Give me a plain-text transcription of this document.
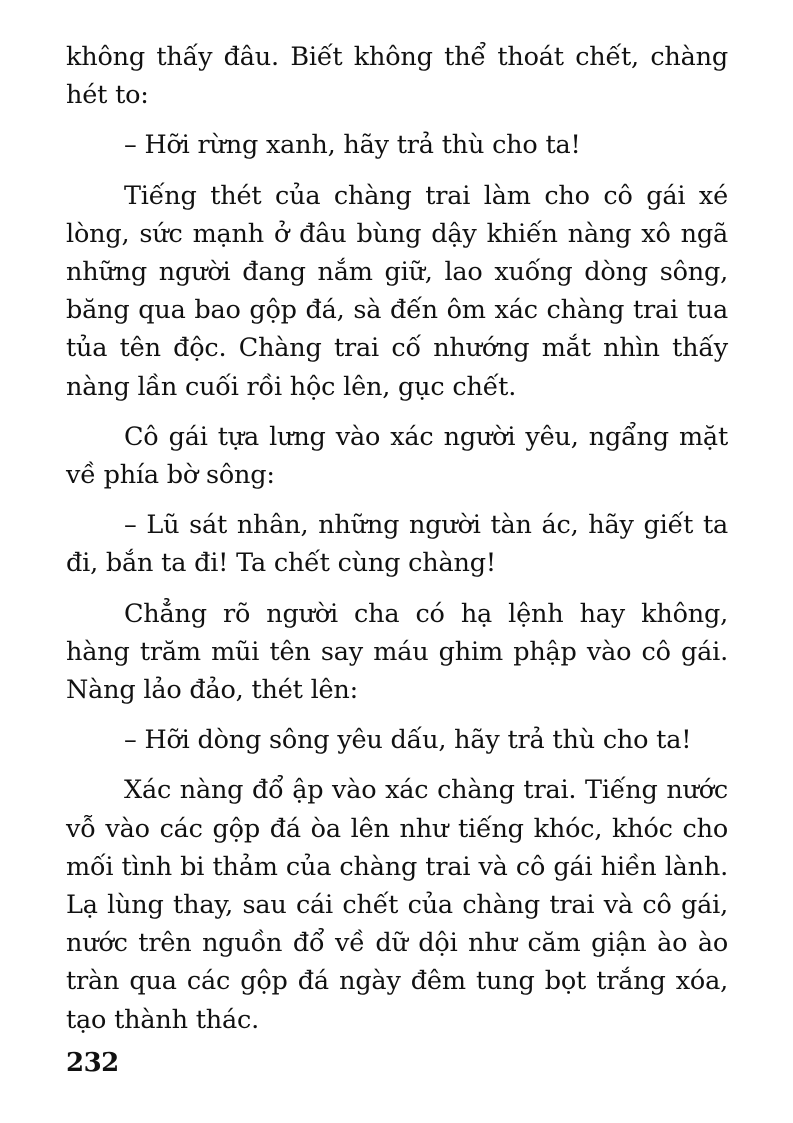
không thấy đâu. Biết không thể thoát chết, chàng hét to:

– Hỡi rừng xanh, hãy trả thù cho ta!

Tiếng thét của chàng trai làm cho cô gái xé lòng, sức mạnh ở đâu bùng dậy khiến nàng xô ngã những người đang nắm giữ, lao xuống dòng sông, băng qua bao gộp đá, sà đến ôm xác chàng trai tua tủa tên độc. Chàng trai cố nhướng mắt nhìn thấy nàng lần cuối rồi hộc lên, gục chết.

Cô gái tựa lưng vào xác người yêu, ngẩng mặt về phía bờ sông:

– Lũ sát nhân, những người tàn ác, hãy giết ta đi, bắn ta đi! Ta chết cùng chàng!

Chẳng rõ người cha có hạ lệnh hay không, hàng trăm mũi tên say máu ghim phập vào cô gái. Nàng lảo đảo, thét lên:

– Hỡi dòng sông yêu dấu, hãy trả thù cho ta!

Xác nàng đổ ập vào xác chàng trai. Tiếng nước vỗ vào các gộp đá òa lên như tiếng khóc, khóc cho mối tình bi thảm của chàng trai và cô gái hiền lành. Lạ lùng thay, sau cái chết của chàng trai và cô gái, nước trên nguồn đổ về dữ dội như căm giận ào ào tràn qua các gộp đá ngày đêm tung bọt trắng xóa, tạo thành thác.

232
